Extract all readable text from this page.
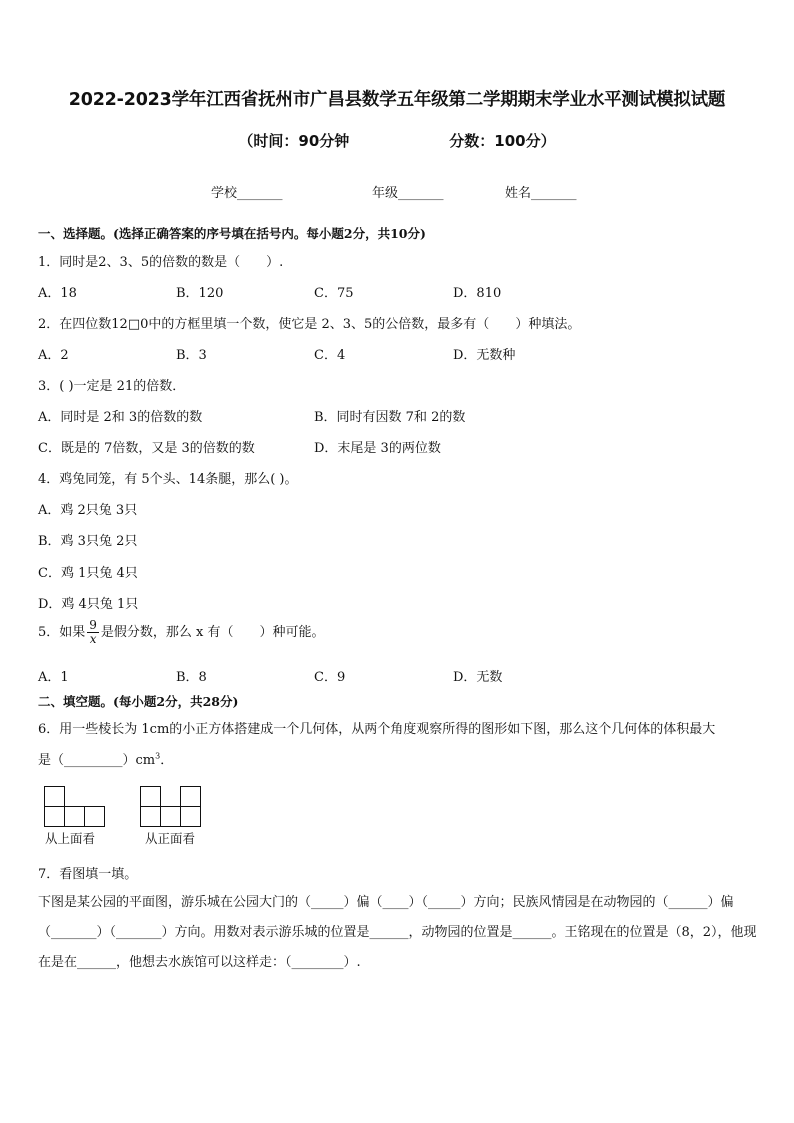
2022-2023学年江西省抚州市广昌县数学五年级第二学期期末学业水平测试模拟试题
（时间：90分钟	分数：100分）
学校_______	年级_______	姓名_______
一、选择题。(选择正确答案的序号填在括号内。每小题2分，共10分)
1．同时是2、3、5的倍数的数是（　　）.
A．18	B．120	C．75	D．810
2．在四位数12□0中的方框里填一个数，使它是 2、3、5的公倍数，最多有（　　）种填法。
A．2	B．3	C．4	D．无数种
3．( )一定是 21的倍数．
A．同时是 2和 3的倍数的数	B．同时有因数 7和 2的数
C．既是的 7倍数，又是 3的倍数的数	D．末尾是 3的两位数
4．鸡兔同笼，有 5个头、14条腿，那么( )。
A．鸡 2只兔 3只
B．鸡 3只兔 2只
C．鸡 1只兔 4只
D．鸡 4只兔 1只
5．如果 $\frac{9}{x}$ 是假分数，那么 x 有（　　）种可能。
A．1	B．8	C．9	D．无数
二、填空题。(每小题2分，共28分)
6．用一些棱长为 1cm的小正方体搭建成一个几何体，从两个角度观察所得的图形如下图，那么这个几何体的体积最大
是$(\_\_\_\_\_\_\_\_\_)cm^3$．
从上面看	从正面看
7．看图填一填。
下图是某公园的平面图，游乐城在公园大门的（_____）偏（____）（_____）方向；民族风情园是在动物园的（______）偏（_______）（_______）方向。用数对表示游乐城的位置是______，动物园的位置是______。王铭现在的位置是（8，2），他现在是在______，他想去水族馆可以这样走：（________）.
